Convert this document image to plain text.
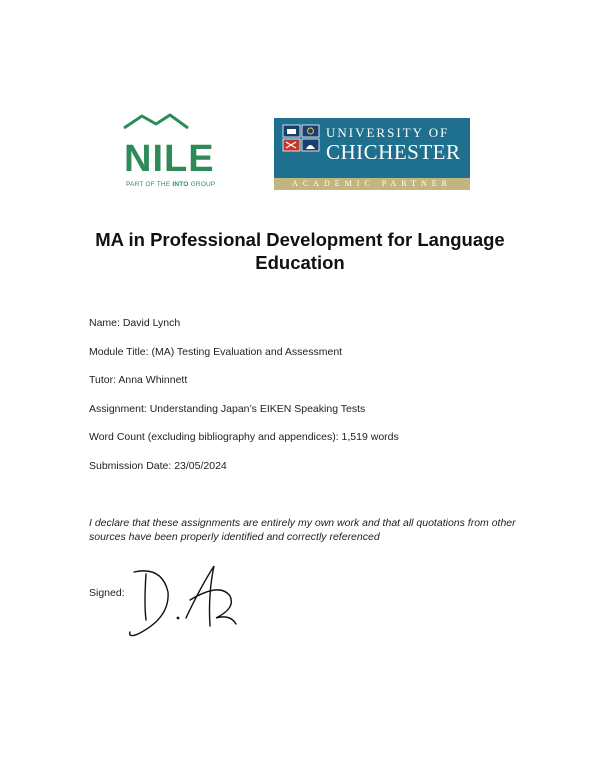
NILE
PART OF THE INTO GROUP
UNIVERSITY OF
CHICHESTER
ACADEMIC PARTNER
MA in Professional Development for Language Education
Name: David Lynch
Module Title: (MA) Testing Evaluation and Assessment
Tutor: Anna Whinnett
Assignment: Understanding Japan’s EIKEN Speaking Tests
Word Count (excluding bibliography and appendices): 1,519 words
Submission Date: 23/05/2024
I declare that these assignments are entirely my own work and that all quotations from other sources have been properly identified and correctly referenced
Signed:
